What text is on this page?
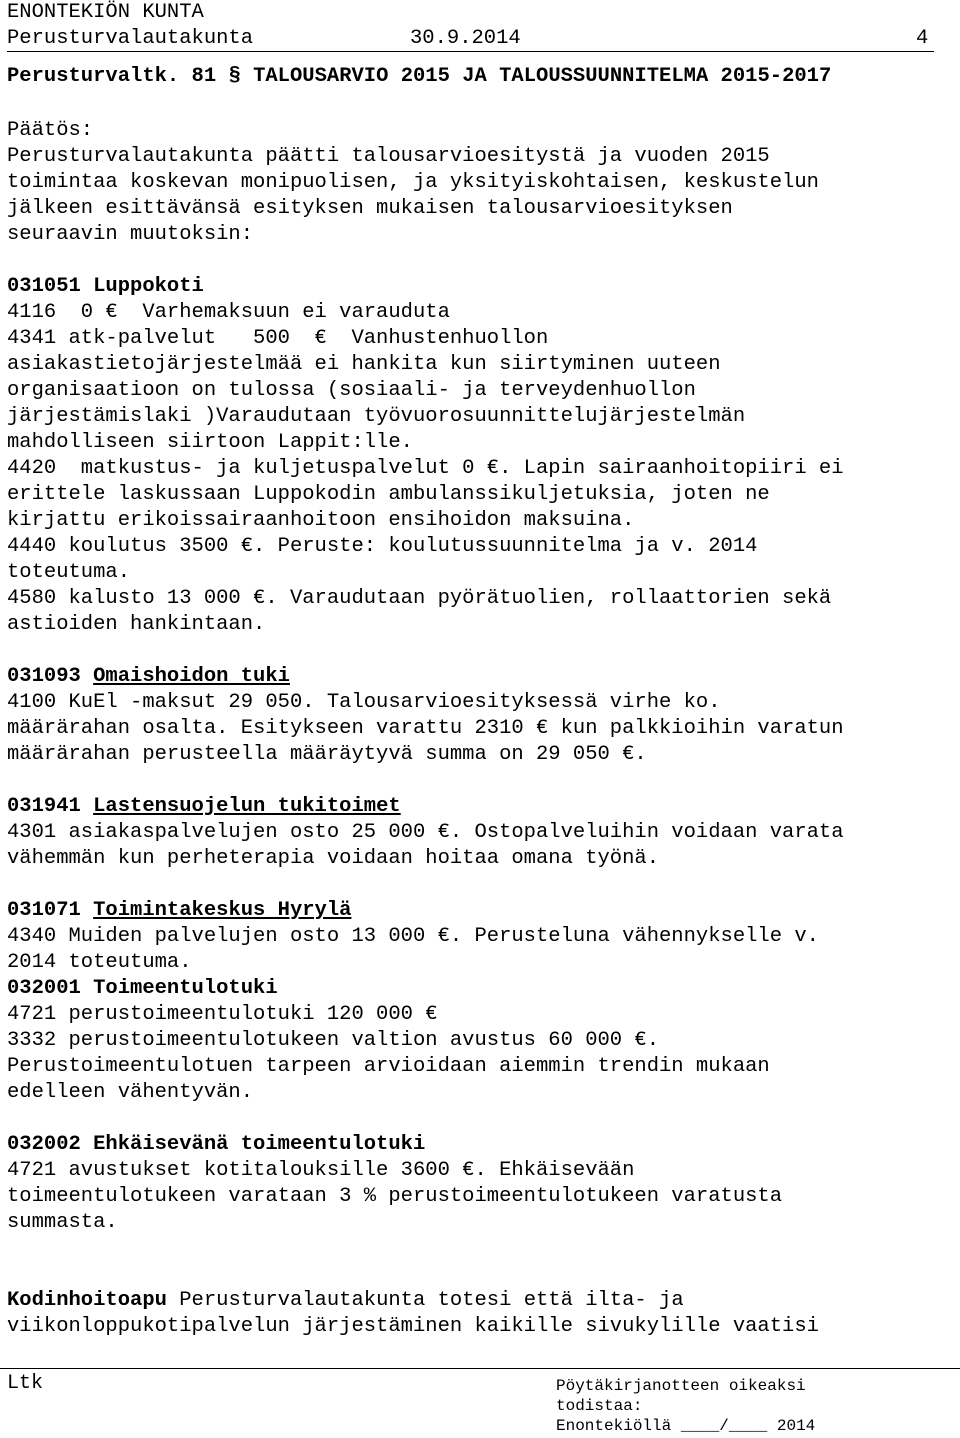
ENONTEKIÖN KUNTA
Perusturvalautakunta	30.9.2014	4
Perusturvaltk. 81 § TALOUSARVIO 2015 JA TALOUSSUUNNITELMA 2015-2017
Päätös:
Perusturvalautakunta päätti talousarvioesitystä ja vuoden 2015
toimintaa koskevan monipuolisen, ja yksityiskohtaisen, keskustelun
jälkeen esittävänsä esityksen mukaisen talousarvioesityksen
seuraavin muutoksin:
031051 Luppokoti
4116  0 €  Varhemaksuun ei varauduta
4341 atk-palvelut   500  €  Vanhustenhuollon
asiakastietojärjestelmää ei hankita kun siirtyminen uuteen
organisaatioon on tulossa (sosiaali- ja terveydenhuollon
järjestämislaki )Varaudutaan työvuorosuunnittelujärjestelmän
mahdolliseen siirtoon Lappit:lle.
4420  matkustus- ja kuljetuspalvelut 0 €. Lapin sairaanhoitopiiri ei
erittele laskussaan Luppokodin ambulanssikuljetuksia, joten ne
kirjattu erikoissairaanhoitoon ensihoidon maksuina.
4440 koulutus 3500 €. Peruste: koulutussuunnitelma ja v. 2014
toteutuma.
4580 kalusto 13 000 €. Varaudutaan pyörätuolien, rollaattorien sekä
astioiden hankintaan.
031093 Omaishoidon tuki
4100 KuEl -maksut 29 050. Talousarvioesityksessä virhe ko.
määrärahan osalta. Esitykseen varattu 2310 € kun palkkioihin varatun
määrärahan perusteella määräytyvä summa on 29 050 €.
031941 Lastensuojelun tukitoimet
4301 asiakaspalvelujen osto 25 000 €. Ostopalveluihin voidaan varata
vähemmän kun perheterapia voidaan hoitaa omana työnä.
031071 Toimintakeskus Hyrylä
4340 Muiden palvelujen osto 13 000 €. Perusteluna vähennykselle v.
2014 toteutuma.
032001 Toimeentulotuki
4721 perustoimeentulotuki 120 000 €
3332 perustoimeentulotukeen valtion avustus 60 000 €.
Perustoimeentulotuen tarpeen arvioidaan aiemmin trendin mukaan
edelleen vähentyvän.
032002 Ehkäisevänä toimeentulotuki
4721 avustukset kotitalouksille 3600 €. Ehkäisevään
toimeentulotukeen varataan 3 % perustoimeentulotukeen varatusta
summasta.
Kodinhoitoapu Perusturvalautakunta totesi että ilta- ja
viikonloppukotipalvelun järjestäminen kaikille sivukylille vaatisi
Ltk	Pöytäkirjanotteen oikeaksi
todistaa:
Enontekiöllä ____/____ 2014
